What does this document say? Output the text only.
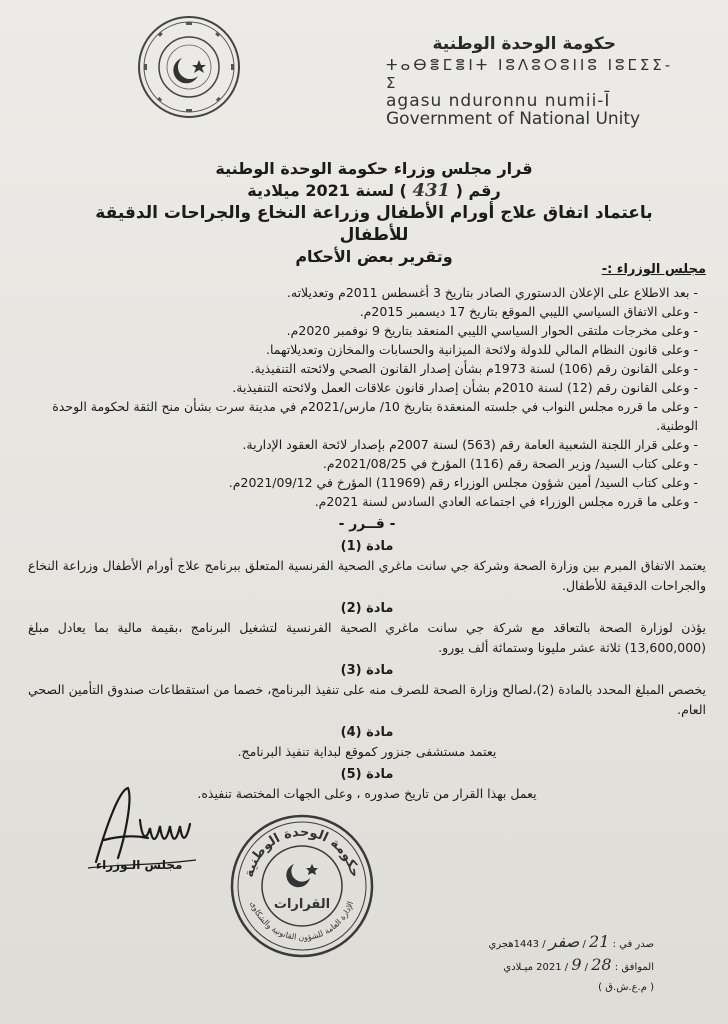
حكومة الوحدة الوطنية
ⵜⴰⴱⴻⵎⴻⵏⵜ ⵏⵓⴷⵓⵔⵓⵏⵏⵓ ⵏⵓⵎⵉⵉ-ⵉ
agasu nduronnu numii-Ī
Government of National Unity
قرار مجلس وزراء حكومة الوحدة الوطنية
رقم ( 431 ) لسنة 2021 ميلادية
باعتماد اتفاق علاج أورام الأطفال وزراعة النخاع والجراحات الدقيقة للأطفال
وتقرير بعض الأحكام
مجلس الوزراء :-
- بعد الاطلاع على الإعلان الدستوري الصادر بتاريخ 3 أغسطس 2011م وتعديلاته.
- وعلى الاتفاق السياسي الليبي الموقع بتاريخ 17 ديسمبر 2015م.
- وعلى مخرجات ملتقى الحوار السياسي الليبي المنعقد بتاريخ 9 نوفمبر 2020م.
- وعلى قانون النظام المالي للدولة ولائحة الميزانية والحسابات والمخازن وتعديلاتهما.
- وعلى القانون رقم (106) لسنة 1973م بشأن إصدار القانون الصحي ولائحته التنفيذية.
- وعلى القانون رقم (12) لسنة 2010م بشأن إصدار قانون علاقات العمل ولائحته التنفيذية.
- وعلى ما قرره مجلس النواب في جلسته المنعقدة بتاريخ 10/ مارس/2021م في مدينة سرت بشأن منح الثقة لحكومة الوحدة الوطنية.
- وعلى قرار اللجنة الشعبية العامة رقم (563) لسنة 2007م بإصدار لائحة العقود الإدارية.
- وعلى كتاب السيد/ وزير الصحة رقم (116) المؤرخ في 2021/08/25م.
- وعلى كتاب السيد/ أمين شؤون مجلس الوزراء رقم (11969) المؤرخ في 2021/09/12م.
- وعلى ما قرره مجلس الوزراء في اجتماعه العادي السادس لسنة 2021م.
- قــرر -
مادة (1)
يعتمد الاتفاق المبرم بين وزارة الصحة وشركة جي سانت ماغري الصحية الفرنسية المتعلق ببرنامج علاج أورام الأطفال وزراعة النخاع والجراحات الدقيقة للأطفال.
مادة (2)
يؤذن لوزارة الصحة بالتعاقد مع شركة جي سانت ماغري الصحية الفرنسية لتشغيل البرنامج ،بقيمة مالية بما يعادل مبلغ (13,600,000) ثلاثة عشر مليونا وستمائة ألف يورو.
مادة (3)
يخصص المبلغ المحدد بالمادة (2)،لصالح وزارة الصحة للصرف منه على تنفيذ البرنامج، خصما من استقطاعات صندوق التأمين الصحي العام.
مادة (4)
يعتمد مستشفى جنزور كموقع لبداية تنفيذ البرنامج.
مادة (5)
يعمل بهذا القرار من تاريخ صدوره ، وعلى الجهات المختصة تنفيذه.
مجلس الـوزراء
حكومة الوحدة الوطنية
الإدارة العامة للشؤون القانونية والشكاوى
القرارات
صدر في : 21 / صفر / 1443هجري
الموافق : 28 / 9 / 2021 ميـلادي
( م.ع.ش.ق )
